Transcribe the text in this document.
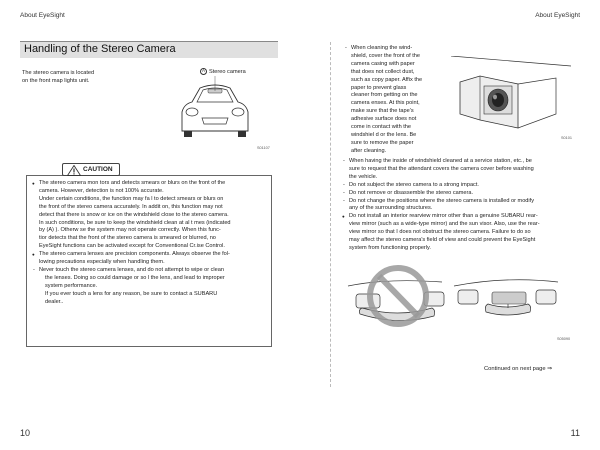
About EyeSight	About EyeSight
Handling of the Stereo Camera
The stereo camera is located on the front map lights unit.
A Stereo camera
S01107
CAUTION

● The stereo camera mon tors and detects smears or blurs on the front of the

camera. However, detection is not 100% accurate.

Under certain conditions, the function may fa l to detect smears or blurs on

the front of the stereo camera accurately. In addit on, this function may not

detect that there is snow or ice on the windshield close to the stereo camera.

In such conditions, be sure to keep the windshield clean at al t mes (indicated

by (A) ). Otherw se the system may not operate correctly. When this func-

tior detects that the front of the stereo camera is smeared or blurred, no

EyeSight functions can be activated except for Conventional Cr.ise Control.

● The stereo camera lenses are precision components. Always observe the fol-

lowing precautions especially when handling them.

- Never touch the stereo camera lenses, and do not attempt to wipe or clean

the lenses. Doing so could damage or so l the lens, and lead to improper

system performance.

If you ever touch a lens for any reason, be sure to contact a SUBARU

dealer..

- When cleaning the wind-

shield, cover the front of the

camera casing with paper

that does not collect dust,

such as copy paper. Affix the

paper to prevent glass

cleaner from getting on the

camera enses. At this point,

make sure that the tape's

adhesive surface does not

come in contact with the

windshiel d or the lens. Be

sure to remove the paper

after cleaning.

S0101

- When having the inside of windshield cleaned at a service station, etc., be

sure to request that the attendant covers the camera cover before washing

the vehicle.

- Do not subject the stereo camera to a strong impact.

- Do not remove or disassemble the stereo camera.

- Do not change the positions where the stereo camera is installed or modify

any of the surrounding structures.

● Do not install an interior rearview mirror other than a genuine SUBARU rear-

view mirror (such as a wide-type mirror) and the sun visor. Also, use the rear-

view mirror so that I does not obstruct the stereo camera. Failure to do so

may affect the stereo camera's field of view and could prevent the EyeSight

system from functioning properly.

S05090
Continued on next page ⇒
10	11
